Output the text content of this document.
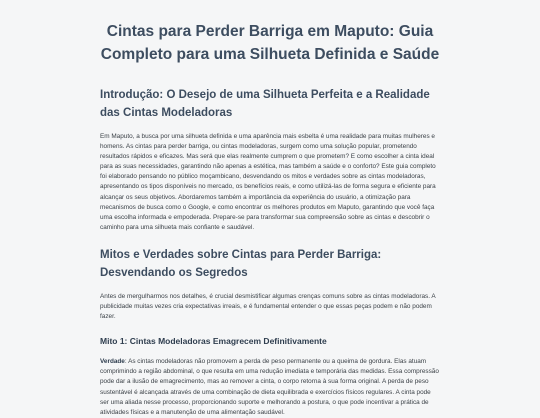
Cintas para Perder Barriga em Maputo: Guia Completo para uma Silhueta Definida e Saúde
Introdução: O Desejo de uma Silhueta Perfeita e a Realidade das Cintas Modeladoras

Em Maputo, a busca por uma silhueta definida e uma aparência mais esbelta é uma realidade para muitas mulheres e homens. As cintas para perder barriga, ou cintas modeladoras, surgem como uma solução popular, prometendo resultados rápidos e eficazes. Mas será que elas realmente cumprem o que prometem? E como escolher a cinta ideal para as suas necessidades, garantindo não apenas a estética, mas também a saúde e o conforto? Este guia completo foi elaborado pensando no público moçambicano, desvendando os mitos e verdades sobre as cintas modeladoras, apresentando os tipos disponíveis no mercado, os benefícios reais, e como utilizá-las de forma segura e eficiente para alcançar os seus objetivos. Abordaremos também a importância da experiência do usuário, a otimização para mecanismos de busca como o Google, e como encontrar os melhores produtos em Maputo, garantindo que você faça uma escolha informada e empoderada. Prepare-se para transformar sua compreensão sobre as cintas e descobrir o caminho para uma silhueta mais confiante e saudável.

Mitos e Verdades sobre Cintas para Perder Barriga: Desvendando os Segredos

Antes de mergulharmos nos detalhes, é crucial desmistificar algumas crenças comuns sobre as cintas modeladoras. A publicidade muitas vezes cria expectativas irreais, e é fundamental entender o que essas peças podem e não podem fazer.

Mito 1: Cintas Modeladoras Emagrecem Definitivamente

Verdade: As cintas modeladoras não promovem a perda de peso permanente ou a queima de gordura. Elas atuam comprimindo a região abdominal, o que resulta em uma redução imediata e temporária das medidas. Essa compressão pode dar a ilusão de emagrecimento, mas ao remover a cinta, o corpo retorna à sua forma original. A perda de peso sustentável é alcançada através de uma combinação de dieta equilibrada e exercícios físicos regulares. A cinta pode ser uma aliada nesse processo, proporcionando suporte e melhorando a postura, o que pode incentivar a prática de atividades físicas e a manutenção de uma alimentação saudável.
